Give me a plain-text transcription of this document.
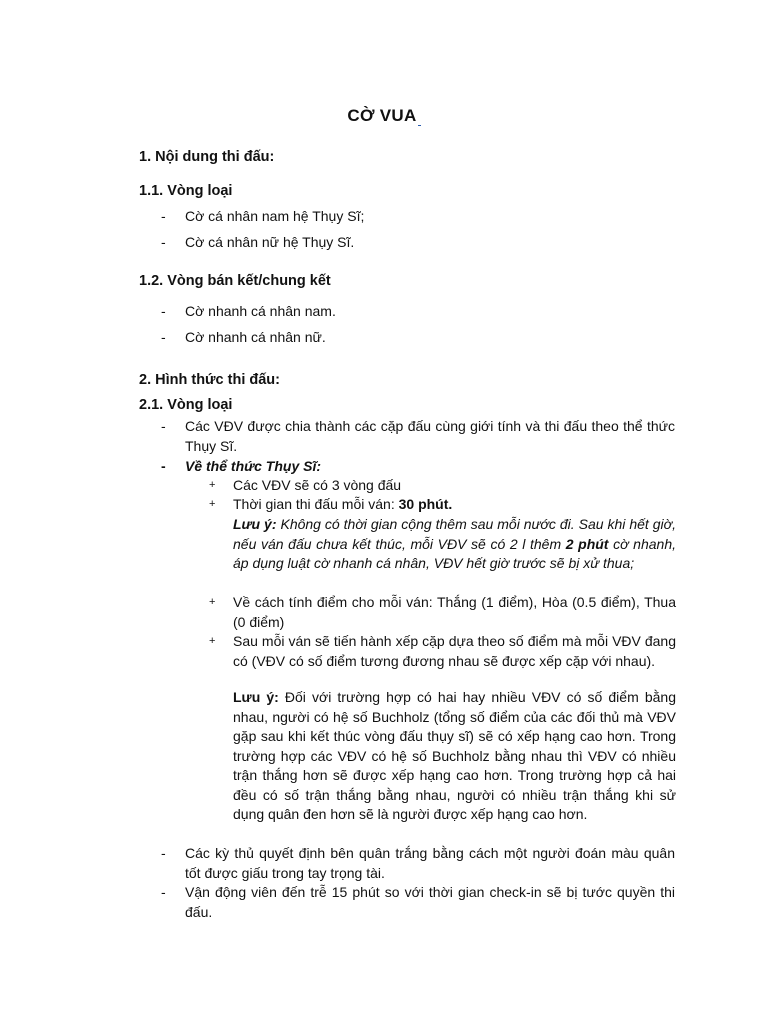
CỜ VUA
1. Nội dung thi đấu:
1.1. Vòng loại
- Cờ cá nhân nam hệ Thụy Sĩ;
- Cờ cá nhân nữ hệ Thụy Sĩ.
1.2. Vòng bán kết/chung kết
- Cờ nhanh cá nhân nam.
- Cờ nhanh cá nhân nữ.
2. Hình thức thi đấu:
2.1. Vòng loại
- Các VĐV được chia thành các cặp đấu cùng giới tính và thi đấu theo thể thức Thụy Sĩ.
- Về thể thức Thụy Sĩ:
+ Các VĐV sẽ có 3 vòng đấu
+ Thời gian thi đấu mỗi ván: 30 phút.
Lưu ý: Không có thời gian cộng thêm sau mỗi nước đi. Sau khi hết giờ, nếu ván đấu chưa kết thúc, mỗi VĐV sẽ có 2 l thêm 2 phút cờ nhanh, áp dụng luật cờ nhanh cá nhân, VĐV hết giờ trước sẽ bị xử thua;
+ Về cách tính điểm cho mỗi ván: Thắng (1 điểm), Hòa (0.5 điểm), Thua (0 điểm)
+ Sau mỗi ván sẽ tiến hành xếp cặp dựa theo số điểm mà mỗi VĐV đang có (VĐV có số điểm tương đương nhau sẽ được xếp cặp với nhau).
Lưu ý: Đối với trường hợp có hai hay nhiều VĐV có số điểm bằng nhau, người có hệ số Buchholz (tổng số điểm của các đối thủ mà VĐV gặp sau khi kết thúc vòng đấu thụy sĩ) sẽ có xếp hạng cao hơn. Trong trường hợp các VĐV có hệ số Buchholz bằng nhau thì VĐV có nhiều trận thắng hơn sẽ được xếp hạng cao hơn. Trong trường hợp cả hai đều có số trận thắng bằng nhau, người có nhiều trận thắng khi sử dụng quân đen hơn sẽ là người được xếp hạng cao hơn.
- Các kỳ thủ quyết định bên quân trắng bằng cách một người đoán màu quân tốt được giấu trong tay trọng tài.
- Vận động viên đến trễ 15 phút so với thời gian check-in sẽ bị tước quyền thi đấu.
